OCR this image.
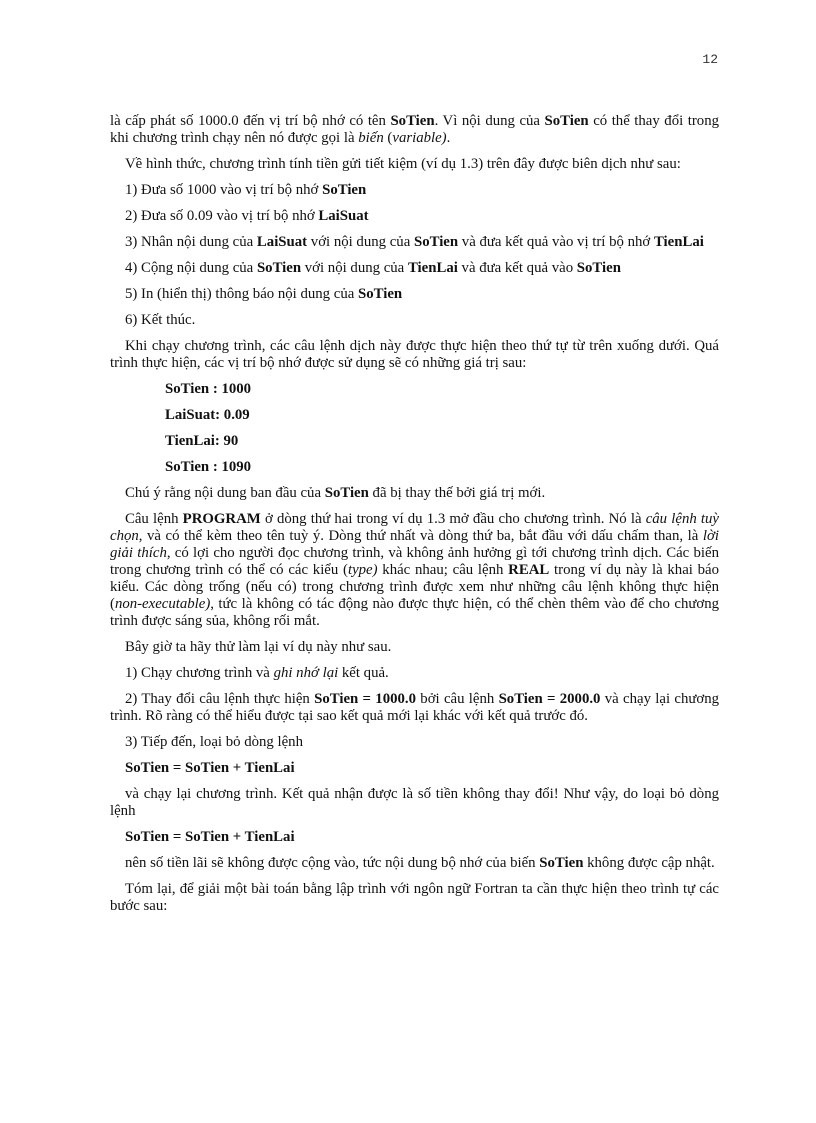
12

là cấp phát số 1000.0 đến vị trí bộ nhớ có tên SoTien. Vì nội dung của SoTien có thể thay đổi trong khi chương trình chạy nên nó được gọi là biến (variable).

Về hình thức, chương trình tính tiền gửi tiết kiệm (ví dụ 1.3) trên đây được biên dịch như sau:

1) Đưa số 1000 vào vị trí bộ nhớ SoTien

2) Đưa số 0.09 vào vị trí bộ nhớ LaiSuat

3) Nhân nội dung của LaiSuat với nội dung của SoTien và đưa kết quả vào vị trí bộ nhớ TienLai

4) Cộng nội dung của SoTien với nội dung của TienLai và đưa kết quả vào SoTien

5) In (hiển thị) thông báo nội dung của SoTien

6) Kết thúc.

Khi chạy chương trình, các câu lệnh dịch này được thực hiện theo thứ tự từ trên xuống dưới. Quá trình thực hiện, các vị trí bộ nhớ được sử dụng sẽ có những giá trị sau:

SoTien : 1000

LaiSuat: 0.09

TienLai: 90

SoTien : 1090

Chú ý rằng nội dung ban đầu của SoTien đã bị thay thế bởi giá trị mới.

Câu lệnh PROGRAM ở dòng thứ hai trong ví dụ 1.3 mở đầu cho chương trình. Nó là câu lệnh tuỳ chọn, và có thể kèm theo tên tuỳ ý. Dòng thứ nhất và dòng thứ ba, bắt đầu với dấu chấm than, là lời giải thích, có lợi cho người đọc chương trình, và không ảnh hưởng gì tới chương trình dịch. Các biến trong chương trình có thể có các kiểu (type) khác nhau; câu lệnh REAL trong ví dụ này là khai báo kiểu. Các dòng trống (nếu có) trong chương trình được xem như những câu lệnh không thực hiện (non-executable), tức là không có tác động nào được thực hiện, có thể chèn thêm vào để cho chương trình được sáng sủa, không rối mắt.

Bây giờ ta hãy thử làm lại ví dụ này như sau.

1) Chạy chương trình và ghi nhớ lại kết quả.

2) Thay đổi câu lệnh thực hiện SoTien = 1000.0 bởi câu lệnh SoTien = 2000.0 và chạy lại chương trình. Rõ ràng có thể hiểu được tại sao kết quả mới lại khác với kết quả trước đó.

3) Tiếp đến, loại bỏ dòng lệnh

SoTien = SoTien + TienLai

và chạy lại chương trình. Kết quả nhận được là số tiền không thay đổi! Như vậy, do loại bỏ dòng lệnh

SoTien = SoTien + TienLai

nên số tiền lãi sẽ không được cộng vào, tức nội dung bộ nhớ của biến SoTien không được cập nhật.

Tóm lại, để giải một bài toán bằng lập trình với ngôn ngữ Fortran ta cần thực hiện theo trình tự các bước sau:
